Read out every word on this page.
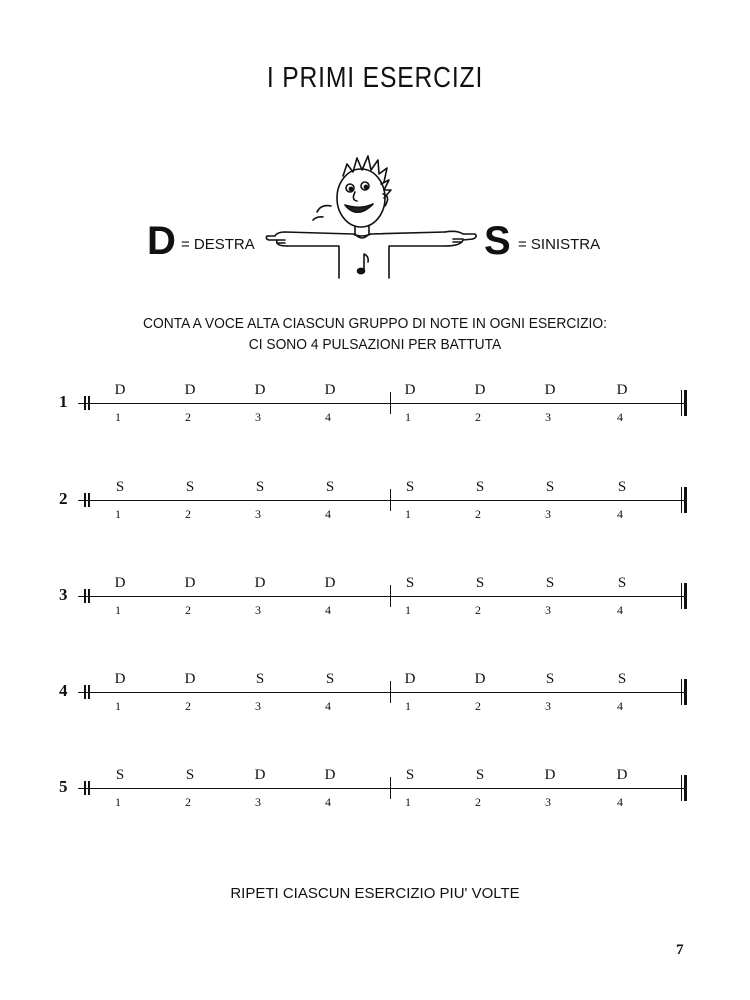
I PRIMI ESERCIZI
D = DESTRA	S = SINISTRA
CONTA A VOCE ALTA CIASCUN GRUPPO DI NOTE IN OGNI ESERCIZIO:
CI SONO 4 PULSAZIONI PER BATTUTA
1
D	D	D	D	D	D	D	D
1	2	3	4	1	2	3	4
2
S	S	S	S	S	S	S	S
1	2	3	4	1	2	3	4
3
D	D	D	D	S	S	S	S
1	2	3	4	1	2	3	4
4
D	D	S	S	D	D	S	S
1	2	3	4	1	2	3	4
5
S	S	D	D	S	S	D	D
1	2	3	4	1	2	3	4
RIPETI CIASCUN ESERCIZIO PIU' VOLTE
7
